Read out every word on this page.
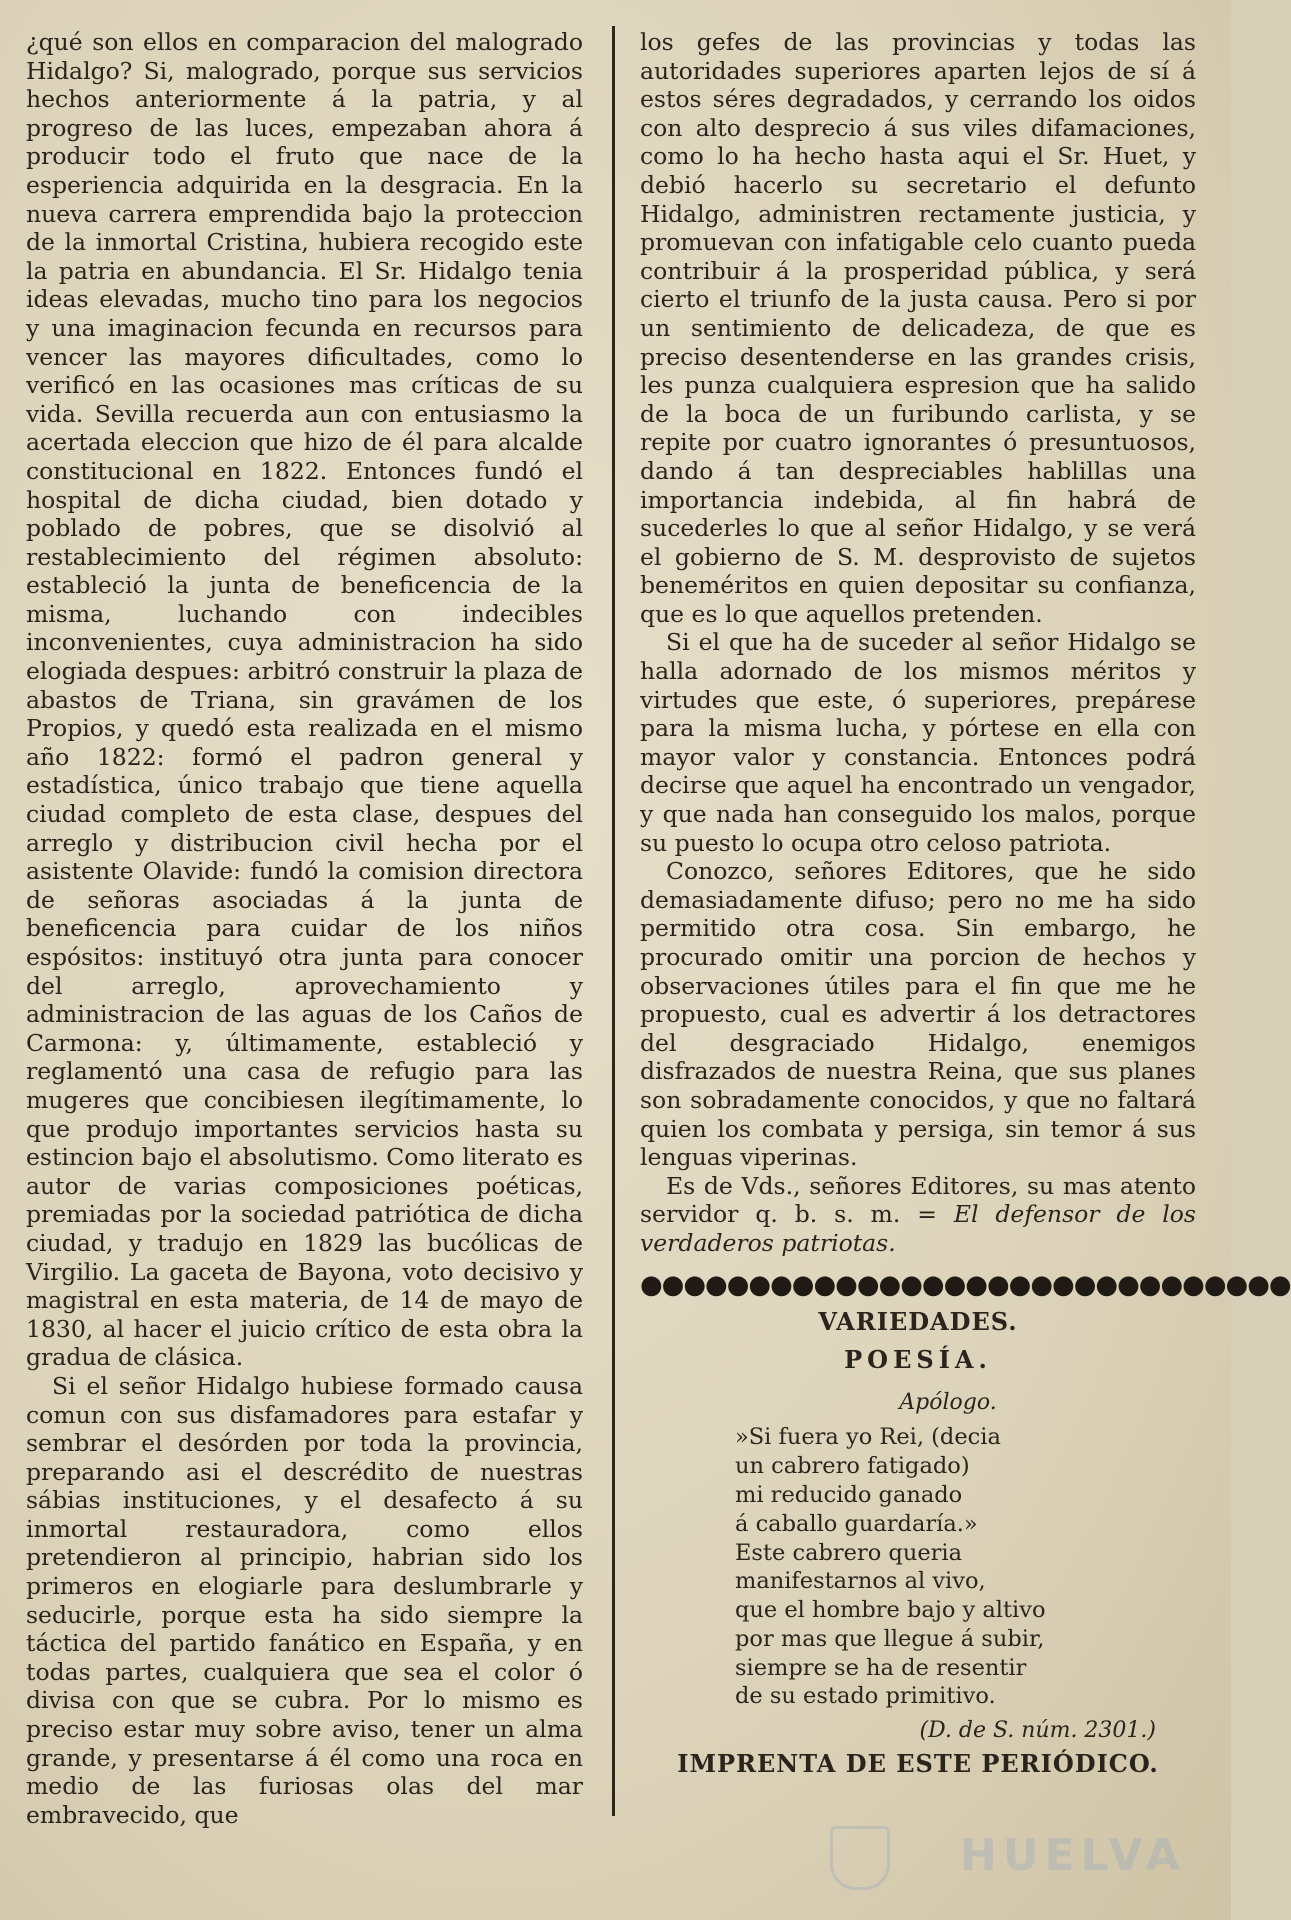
¿qué son ellos en comparacion del malogrado Hidalgo? Si, malogrado, porque sus servicios hechos anteriormente á la patria, y al progreso de las luces, empezaban ahora á producir todo el fruto que nace de la esperiencia adquirida en la desgracia. En la nueva carrera emprendida bajo la proteccion de la inmortal Cristina, hubiera recogido este la patria en abundancia. El Sr. Hidalgo tenia ideas elevadas, mucho tino para los negocios y una imaginacion fecunda en recursos para vencer las mayores dificultades, como lo verificó en las ocasiones mas críticas de su vida. Sevilla recuerda aun con entusiasmo la acertada eleccion que hizo de él para alcalde constitucional en 1822. Entonces fundó el hospital de dicha ciudad, bien dotado y poblado de pobres, que se disolvió al restablecimiento del régimen absoluto: estableció la junta de beneficencia de la misma, luchando con indecibles inconvenientes, cuya administracion ha sido elogiada despues: arbitró construir la plaza de abastos de Triana, sin gravámen de los Propios, y quedó esta realizada en el mismo año 1822: formó el padron general y estadística, único trabajo que tiene aquella ciudad completo de esta clase, despues del arreglo y distribucion civil hecha por el asistente Olavide: fundó la comision directora de señoras asociadas á la junta de beneficencia para cuidar de los niños espósitos: instituyó otra junta para conocer del arreglo, aprovechamiento y administracion de las aguas de los Caños de Carmona: y, últimamente, estableció y reglamentó una casa de refugio para las mugeres que concibiesen ilegítimamente, lo que produjo importantes servicios hasta su estincion bajo el absolutismo. Como literato es autor de varias composiciones poéticas, premiadas por la sociedad patriótica de dicha ciudad, y tradujo en 1829 las bucólicas de Virgilio. La gaceta de Bayona, voto decisivo y magistral en esta materia, de 14 de mayo de 1830, al hacer el juicio crítico de esta obra la gradua de clásica.

Si el señor Hidalgo hubiese formado causa comun con sus disfamadores para estafar y sembrar el desórden por toda la provincia, preparando asi el descrédito de nuestras sábias instituciones, y el desafecto á su inmortal restauradora, como ellos pretendieron al principio, habrian sido los primeros en elogiarle para deslumbrarle y seducirle, porque esta ha sido siempre la táctica del partido fanático en España, y en todas partes, cualquiera que sea el color ó divisa con que se cubra. Por lo mismo es preciso estar muy sobre aviso, tener un alma grande, y presentarse á él como una roca en medio de las furiosas olas del mar embravecido, que

los gefes de las provincias y todas las autoridades superiores aparten lejos de sí á estos séres degradados, y cerrando los oidos con alto desprecio á sus viles difamaciones, como lo ha hecho hasta aqui el Sr. Huet, y debió hacerlo su secretario el defunto Hidalgo, administren rectamente justicia, y promuevan con infatigable celo cuanto pueda contribuir á la prosperidad pública, y será cierto el triunfo de la justa causa. Pero si por un sentimiento de delicadeza, de que es preciso desentenderse en las grandes crisis, les punza cualquiera espresion que ha salido de la boca de un furibundo carlista, y se repite por cuatro ignorantes ó presuntuosos, dando á tan despreciables hablillas una importancia indebida, al fin habrá de sucederles lo que al señor Hidalgo, y se verá el gobierno de S. M. desprovisto de sujetos beneméritos en quien depositar su confianza, que es lo que aquellos pretenden.

Si el que ha de suceder al señor Hidalgo se halla adornado de los mismos méritos y virtudes que este, ó superiores, prepárese para la misma lucha, y pórtese en ella con mayor valor y constancia. Entonces podrá decirse que aquel ha encontrado un vengador, y que nada han conseguido los malos, porque su puesto lo ocupa otro celoso patriota.

Conozco, señores Editores, que he sido demasiadamente difuso; pero no me ha sido permitido otra cosa. Sin embargo, he procurado omitir una porcion de hechos y observaciones útiles para el fin que me he propuesto, cual es advertir á los detractores del desgraciado Hidalgo, enemigos disfrazados de nuestra Reina, que sus planes son sobradamente conocidos, y que no faltará quien los combata y persiga, sin temor á sus lenguas viperinas.

Es de Vds., señores Editores, su mas atento servidor q. b. s. m. = El defensor de los verdaderos patriotas.

●●●●●●●●●●●●●●●●●●●●●●●●●●●●●●
VARIEDADES.
POESÍA.
Apólogo.
»Si fuera yo Rei, (decia
un cabrero fatigado)
mi reducido ganado
á caballo guardaría.»
Este cabrero queria
manifestarnos al vivo,
que el hombre bajo y altivo
por mas que llegue á subir,
siempre se ha de resentir
de su estado primitivo.
(D. de S. núm. 2301.)
IMPRENTA DE ESTE PERIÓDICO.
HUELVA
